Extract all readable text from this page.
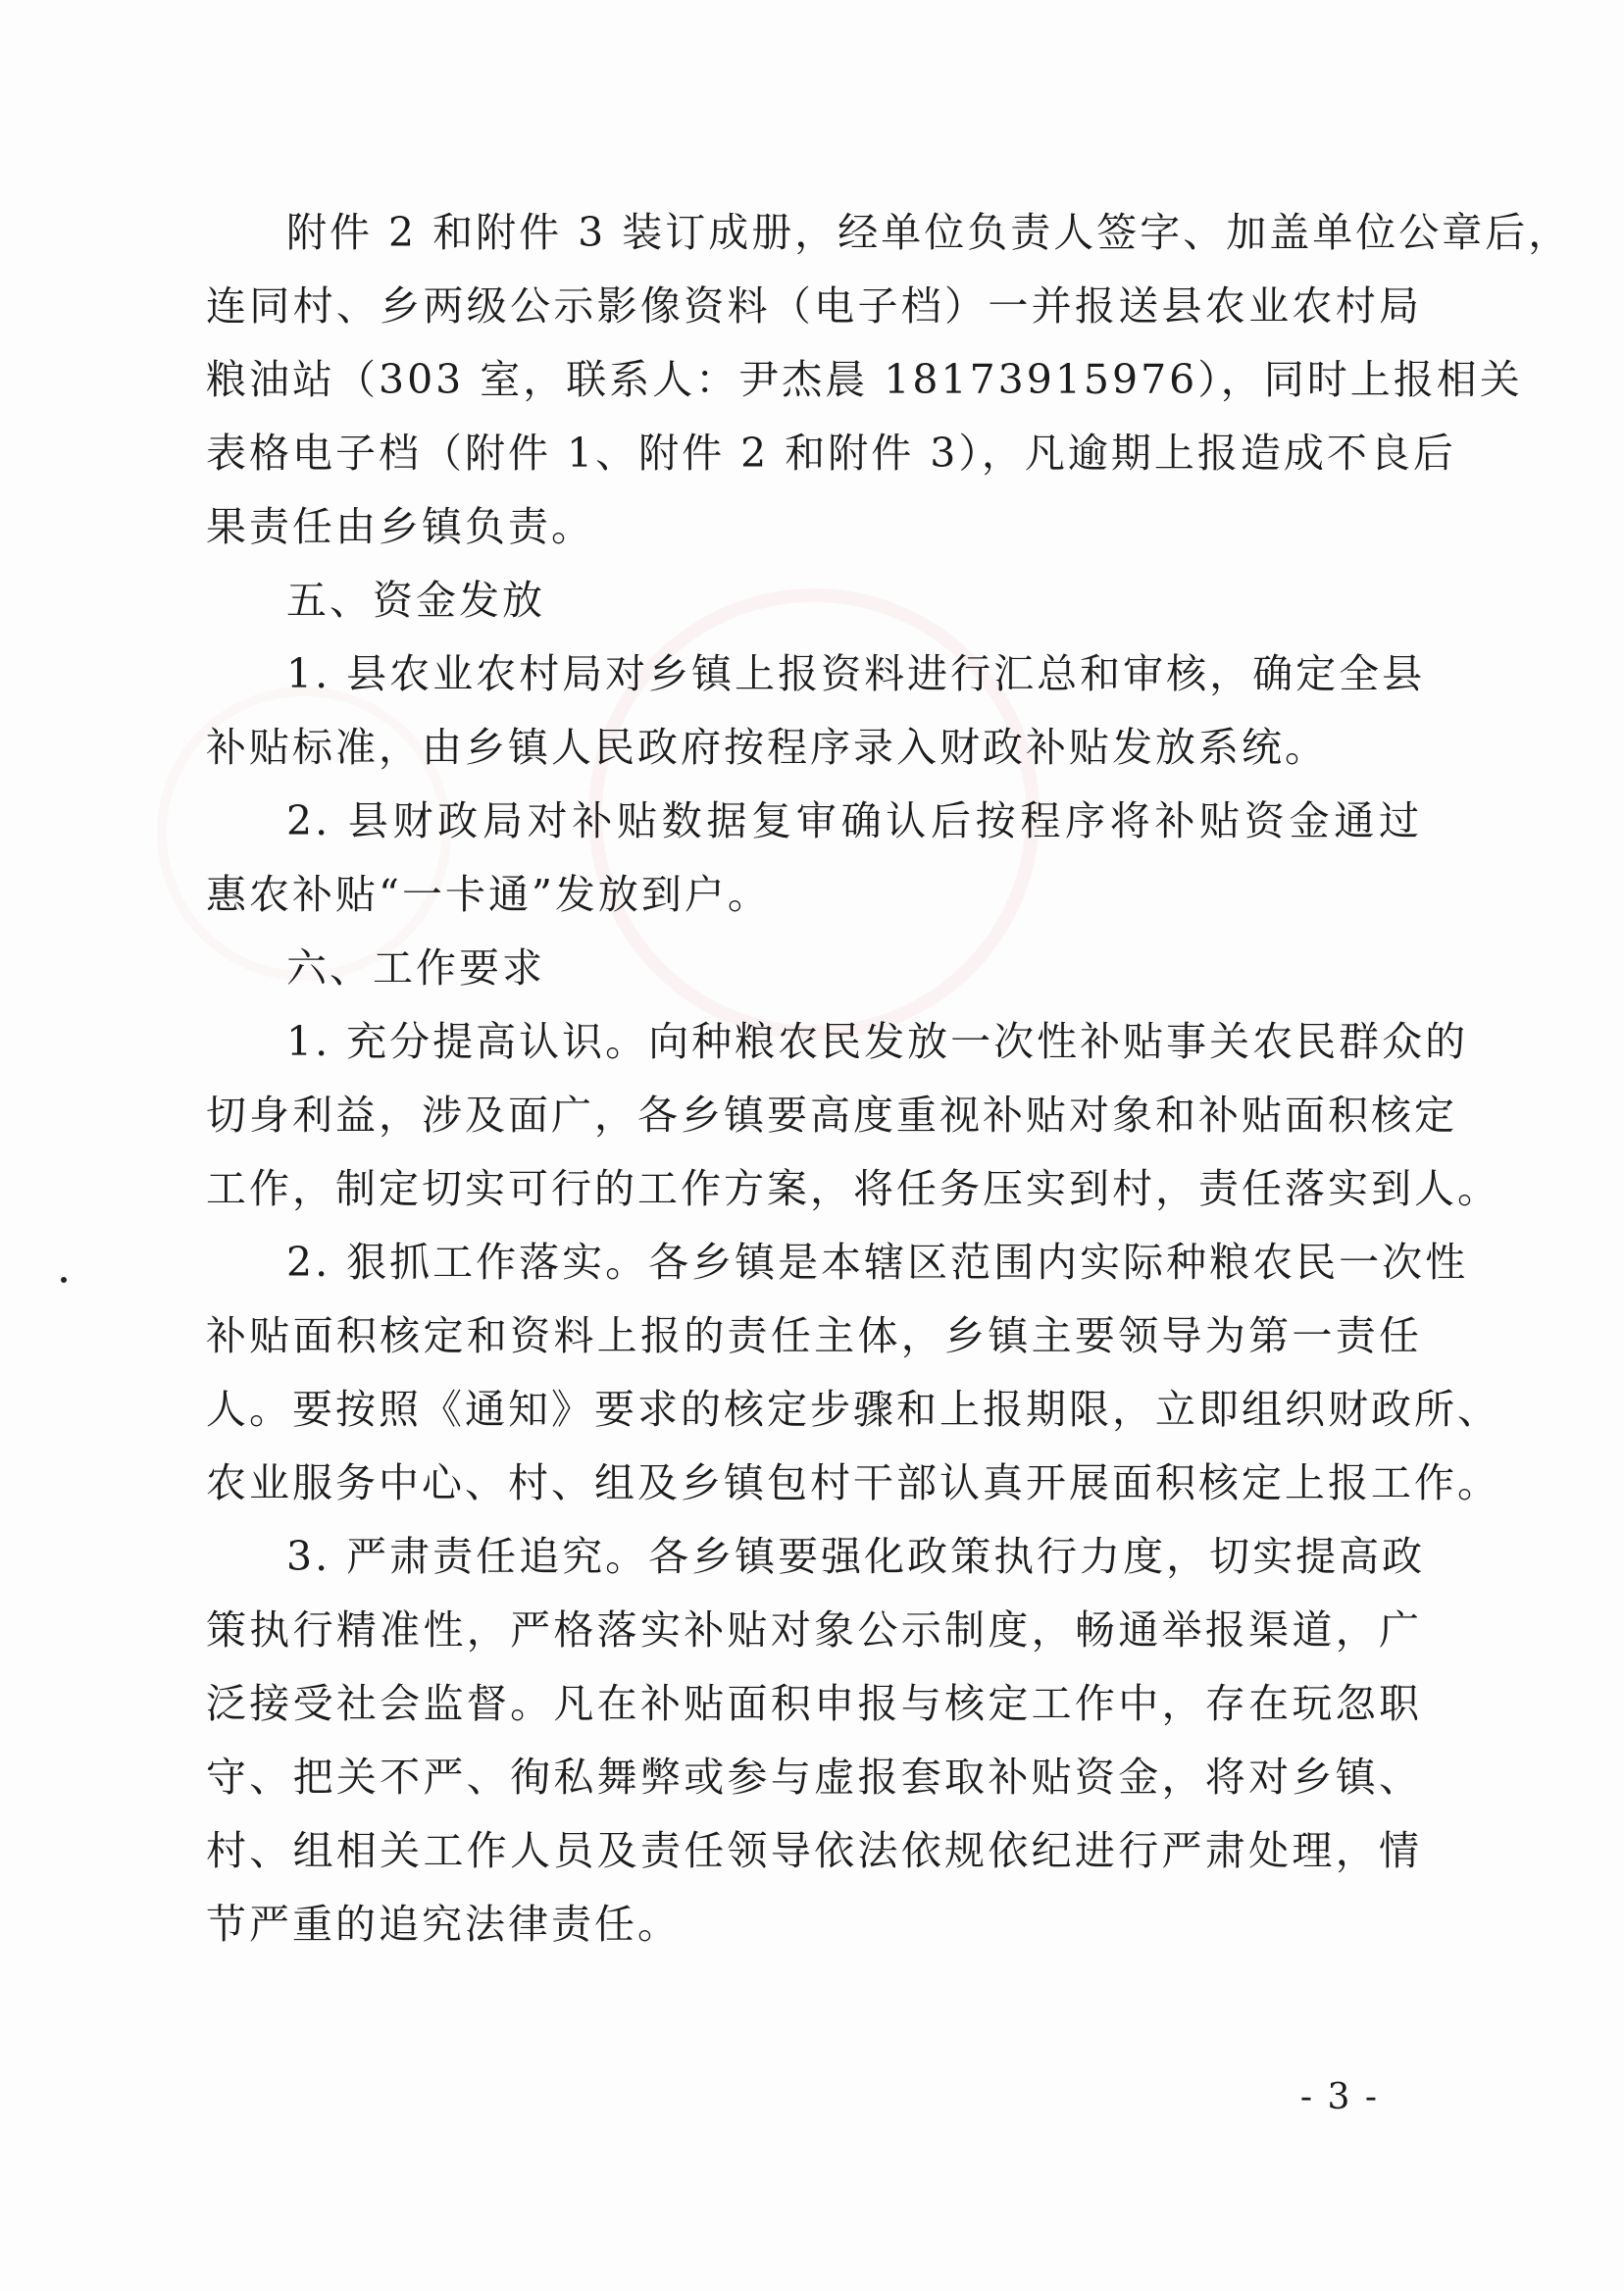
附件 2 和附件 3 装订成册，经单位负责人签字、加盖单位公章后，
连同村、乡两级公示影像资料（电子档）一并报送县农业农村局
粮油站（303 室，联系人：尹杰晨 18173915976），同时上报相关
表格电子档（附件 1、附件 2 和附件 3），凡逾期上报造成不良后
果责任由乡镇负责。
五、资金发放
1. 县农业农村局对乡镇上报资料进行汇总和审核，确定全县
补贴标准，由乡镇人民政府按程序录入财政补贴发放系统。
2. 县财政局对补贴数据复审确认后按程序将补贴资金通过
惠农补贴“一卡通”发放到户。
六、工作要求
1. 充分提高认识。向种粮农民发放一次性补贴事关农民群众的
切身利益，涉及面广，各乡镇要高度重视补贴对象和补贴面积核定
工作，制定切实可行的工作方案，将任务压实到村，责任落实到人。
2. 狠抓工作落实。各乡镇是本辖区范围内实际种粮农民一次性
补贴面积核定和资料上报的责任主体，乡镇主要领导为第一责任
人。要按照《通知》要求的核定步骤和上报期限，立即组织财政所、
农业服务中心、村、组及乡镇包村干部认真开展面积核定上报工作。
3. 严肃责任追究。各乡镇要强化政策执行力度，切实提高政
策执行精准性，严格落实补贴对象公示制度，畅通举报渠道，广
泛接受社会监督。凡在补贴面积申报与核定工作中，存在玩忽职
守、把关不严、徇私舞弊或参与虚报套取补贴资金，将对乡镇、
村、组相关工作人员及责任领导依法依规依纪进行严肃处理，情
节严重的追究法律责任。
- 3 -
